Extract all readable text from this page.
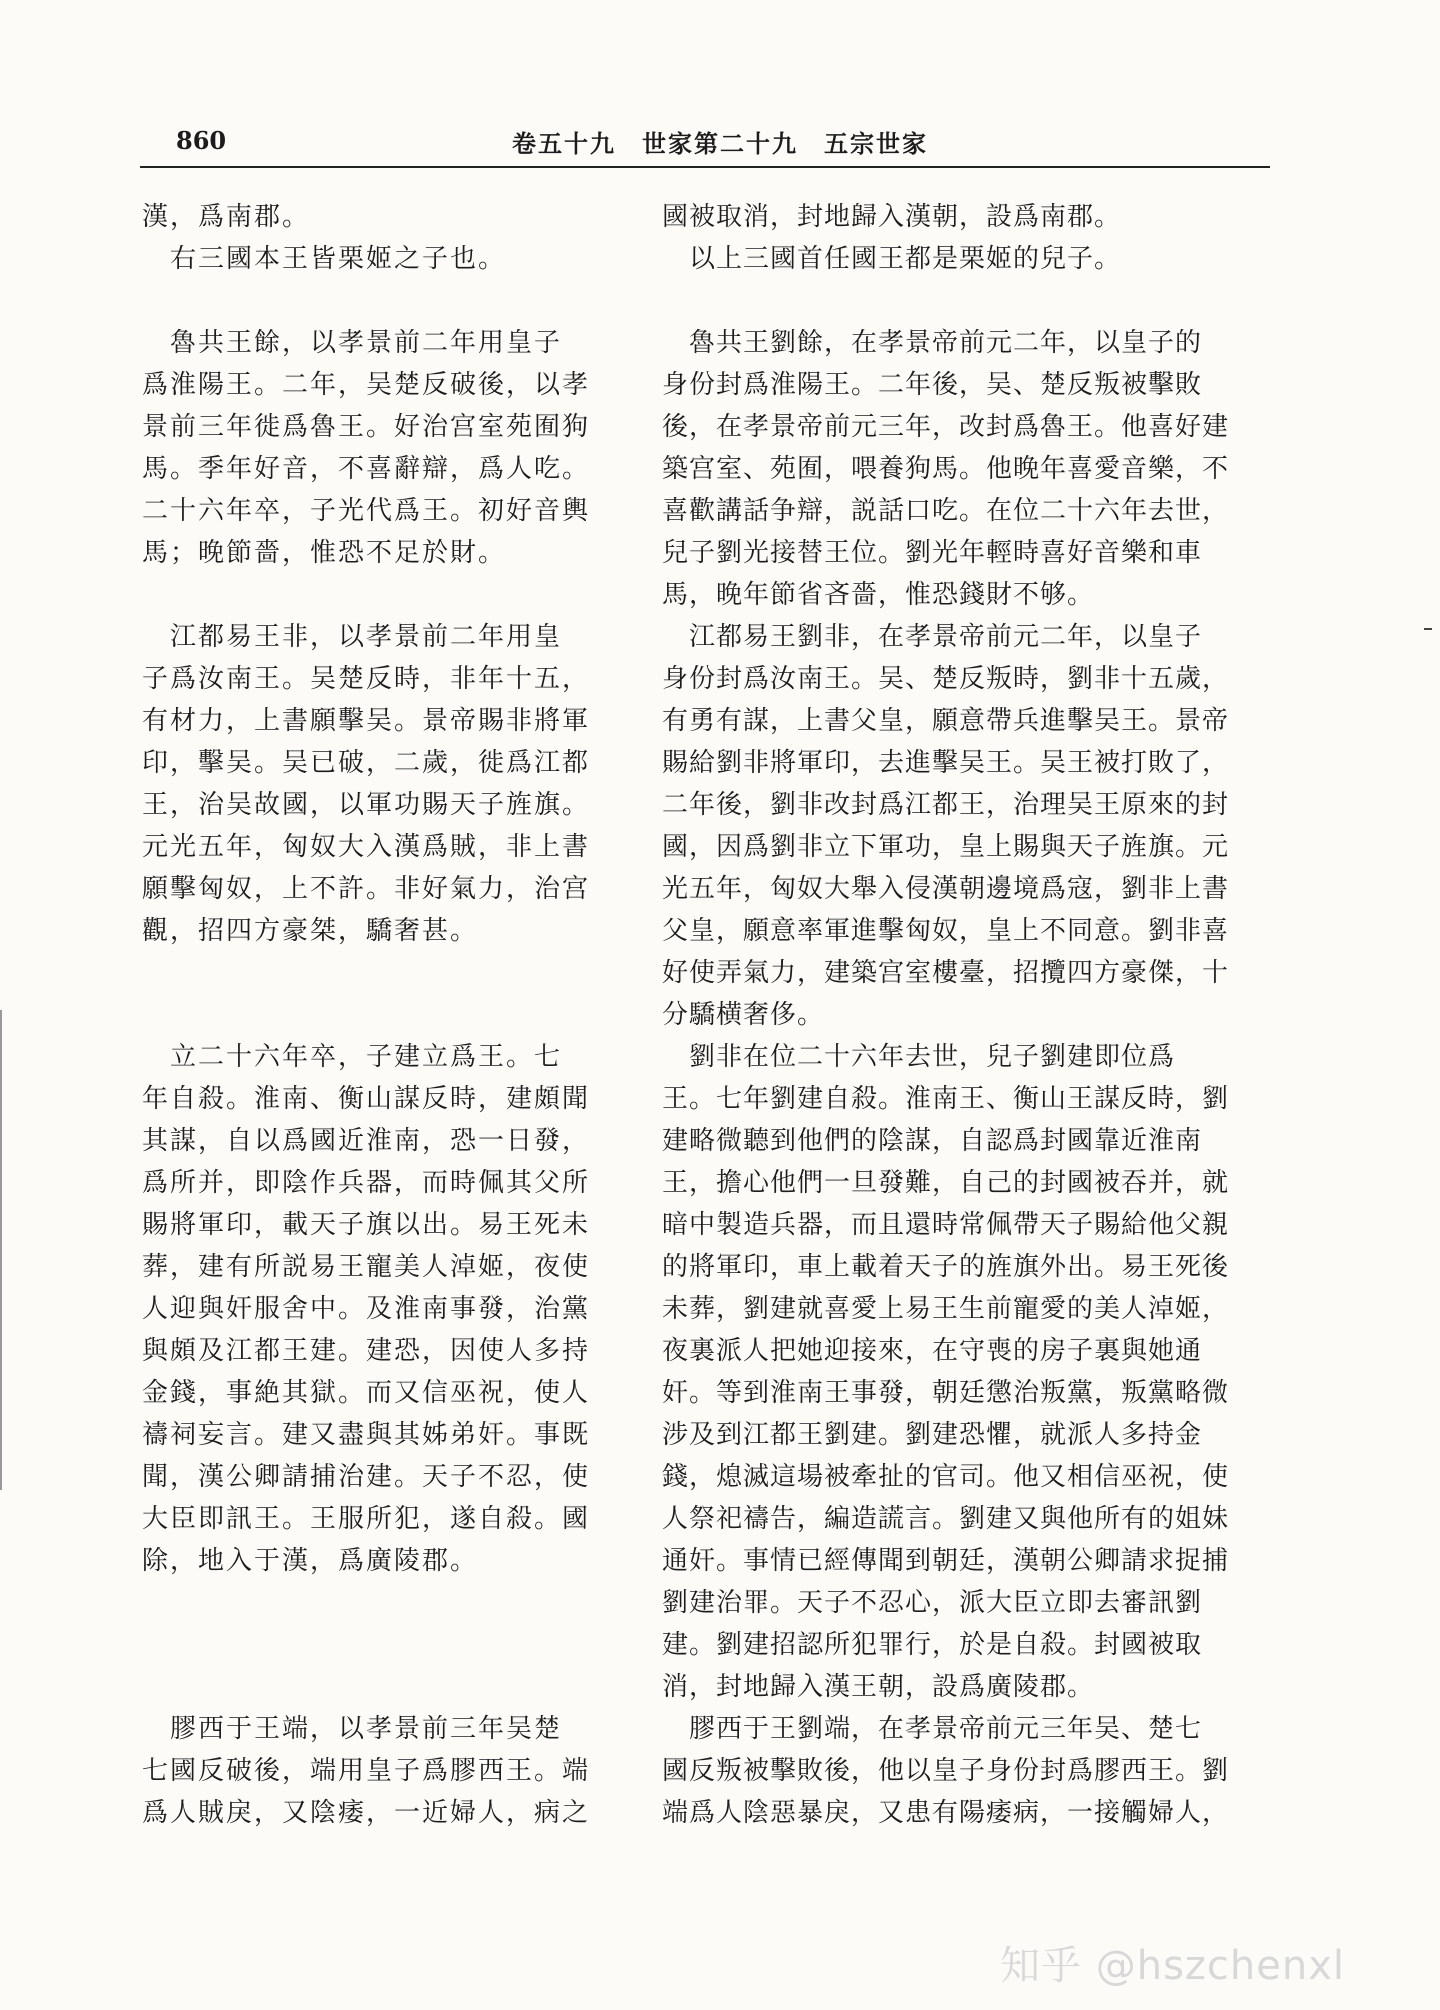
860	卷五十九　世家第二十九　五宗世家

漢，爲南郡。

　右三國本王皆栗姬之子也。

　魯共王餘，以孝景前二年用皇子

爲淮陽王。二年，吴楚反破後，以孝

景前三年徙爲魯王。好治宫室苑囿狗

馬。季年好音，不喜辭辯，爲人吃。

二十六年卒，子光代爲王。初好音輿

馬；晚節嗇，惟恐不足於財。

　江都易王非，以孝景前二年用皇

子爲汝南王。吴楚反時，非年十五，

有材力，上書願擊吴。景帝賜非將軍

印，擊吴。吴已破，二歲，徙爲江都

王，治吴故國，以軍功賜天子旌旗。

元光五年，匈奴大入漢爲賊，非上書

願擊匈奴，上不許。非好氣力，治宫

觀，招四方豪桀，驕奢甚。

　立二十六年卒，子建立爲王。七

年自殺。淮南、衡山謀反時，建頗聞

其謀，自以爲國近淮南，恐一日發，

爲所并，即陰作兵器，而時佩其父所

賜將軍印，載天子旗以出。易王死未

葬，建有所説易王寵美人淖姬，夜使

人迎與奸服舍中。及淮南事發，治黨

與頗及江都王建。建恐，因使人多持

金錢，事絶其獄。而又信巫祝，使人

禱祠妄言。建又盡與其姊弟奸。事既

聞，漢公卿請捕治建。天子不忍，使

大臣即訊王。王服所犯，遂自殺。國

除，地入于漢，爲廣陵郡。

　膠西于王端，以孝景前三年吴楚

七國反破後，端用皇子爲膠西王。端

爲人賊戾，又陰痿，一近婦人，病之

國被取消，封地歸入漢朝，設爲南郡。

　以上三國首任國王都是栗姬的兒子。

　魯共王劉餘，在孝景帝前元二年，以皇子的

身份封爲淮陽王。二年後，吴、楚反叛被擊敗

後，在孝景帝前元三年，改封爲魯王。他喜好建

築宫室、苑囿，喂養狗馬。他晚年喜愛音樂，不

喜歡講話争辯，説話口吃。在位二十六年去世，

兒子劉光接替王位。劉光年輕時喜好音樂和車

馬，晚年節省吝嗇，惟恐錢財不够。

　江都易王劉非，在孝景帝前元二年，以皇子

身份封爲汝南王。吴、楚反叛時，劉非十五歲，

有勇有謀，上書父皇，願意帶兵進擊吴王。景帝

賜給劉非將軍印，去進擊吴王。吴王被打敗了，

二年後，劉非改封爲江都王，治理吴王原來的封

國，因爲劉非立下軍功，皇上賜與天子旌旗。元

光五年，匈奴大舉入侵漢朝邊境爲寇，劉非上書

父皇，願意率軍進擊匈奴，皇上不同意。劉非喜

好使弄氣力，建築宫室樓臺，招攬四方豪傑，十

分驕横奢侈。

　劉非在位二十六年去世，兒子劉建即位爲

王。七年劉建自殺。淮南王、衡山王謀反時，劉

建略微聽到他們的陰謀，自認爲封國靠近淮南

王，擔心他們一旦發難，自己的封國被吞并，就

暗中製造兵器，而且還時常佩帶天子賜給他父親

的將軍印，車上載着天子的旌旗外出。易王死後

未葬，劉建就喜愛上易王生前寵愛的美人淖姬，

夜裏派人把她迎接來，在守喪的房子裏與她通

奸。等到淮南王事發，朝廷懲治叛黨，叛黨略微

涉及到江都王劉建。劉建恐懼，就派人多持金

錢，熄滅這場被牽扯的官司。他又相信巫祝，使

人祭祀禱告，編造謊言。劉建又與他所有的姐妹

通奸。事情已經傳聞到朝廷，漢朝公卿請求捉捕

劉建治罪。天子不忍心，派大臣立即去審訊劉

建。劉建招認所犯罪行，於是自殺。封國被取

消，封地歸入漢王朝，設爲廣陵郡。

　膠西于王劉端，在孝景帝前元三年吴、楚七

國反叛被擊敗後，他以皇子身份封爲膠西王。劉

端爲人陰惡暴戾，又患有陽痿病，一接觸婦人，

知乎 @hszchenxl
